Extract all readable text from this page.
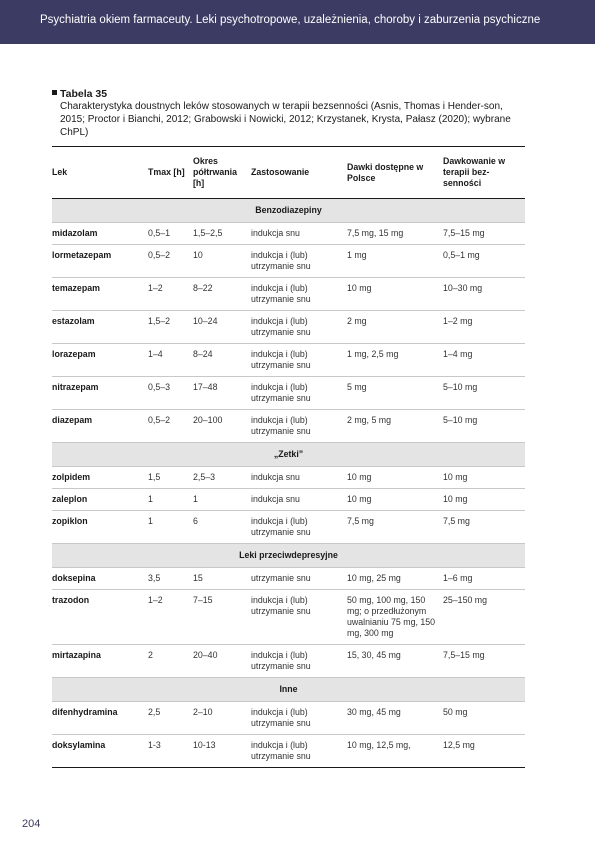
Psychiatria okiem farmaceuty. Leki psychotropowe, uzależnienia, choroby i zaburzenia psychiczne
Tabela 35
Charakterystyka doustnych leków stosowanych w terapii bezsenności (Asnis, Thomas i Hender-son, 2015; Proctor i Bianchi, 2012; Grabowski i Nowicki, 2012; Krzystanek, Krysta, Pałasz (2020); wybrane ChPL)
Lek	Tmax [h]	Okres półtrwania [h]	Zastosowanie	Dawki dostępne w Polsce	Dawkowanie w terapii bez-senności
Benzodiazepiny					
midazolam	0,5–1	1,5–2,5	indukcja snu	7,5 mg, 15 mg	7,5–15 mg
lormetazepam	0,5–2	10	indukcja i (lub) utrzymanie snu	1 mg	0,5–1 mg
temazepam	1–2	8–22	indukcja i (lub) utrzymanie snu	10 mg	10–30 mg
estazolam	1,5–2	10–24	indukcja i (lub) utrzymanie snu	2 mg	1–2 mg
lorazepam	1–4	8–24	indukcja i (lub) utrzymanie snu	1 mg, 2,5 mg	1–4 mg
nitrazepam	0,5–3	17–48	indukcja i (lub) utrzymanie snu	5 mg	5–10 mg
diazepam	0,5–2	20–100	indukcja i (lub) utrzymanie snu	2 mg, 5 mg	5–10 mg
„Zetki”					
zolpidem	1,5	2,5–3	indukcja snu	10 mg	10 mg
zaleplon	1	1	indukcja snu	10 mg	10 mg
zopiklon	1	6	indukcja i (lub) utrzymanie snu	7,5 mg	7,5 mg
Leki przeciwdepresyjne					
doksepina	3,5	15	utrzymanie snu	10 mg, 25 mg	1–6 mg
trazodon	1–2	7–15	indukcja i (lub) utrzymanie snu	50 mg, 100 mg, 150 mg; o przedłużonym uwalnianiu 75 mg, 150 mg, 300 mg	25–150 mg
mirtazapina	2	20–40	indukcja i (lub) utrzymanie snu	15, 30, 45 mg	7,5–15 mg
Inne					
difenhydramina	2,5	2–10	indukcja i (lub) utrzymanie snu	30 mg, 45 mg	50 mg
doksylamina	1-3	10-13	indukcja i (lub) utrzymanie snu	10 mg, 12,5 mg,	12,5 mg
204
